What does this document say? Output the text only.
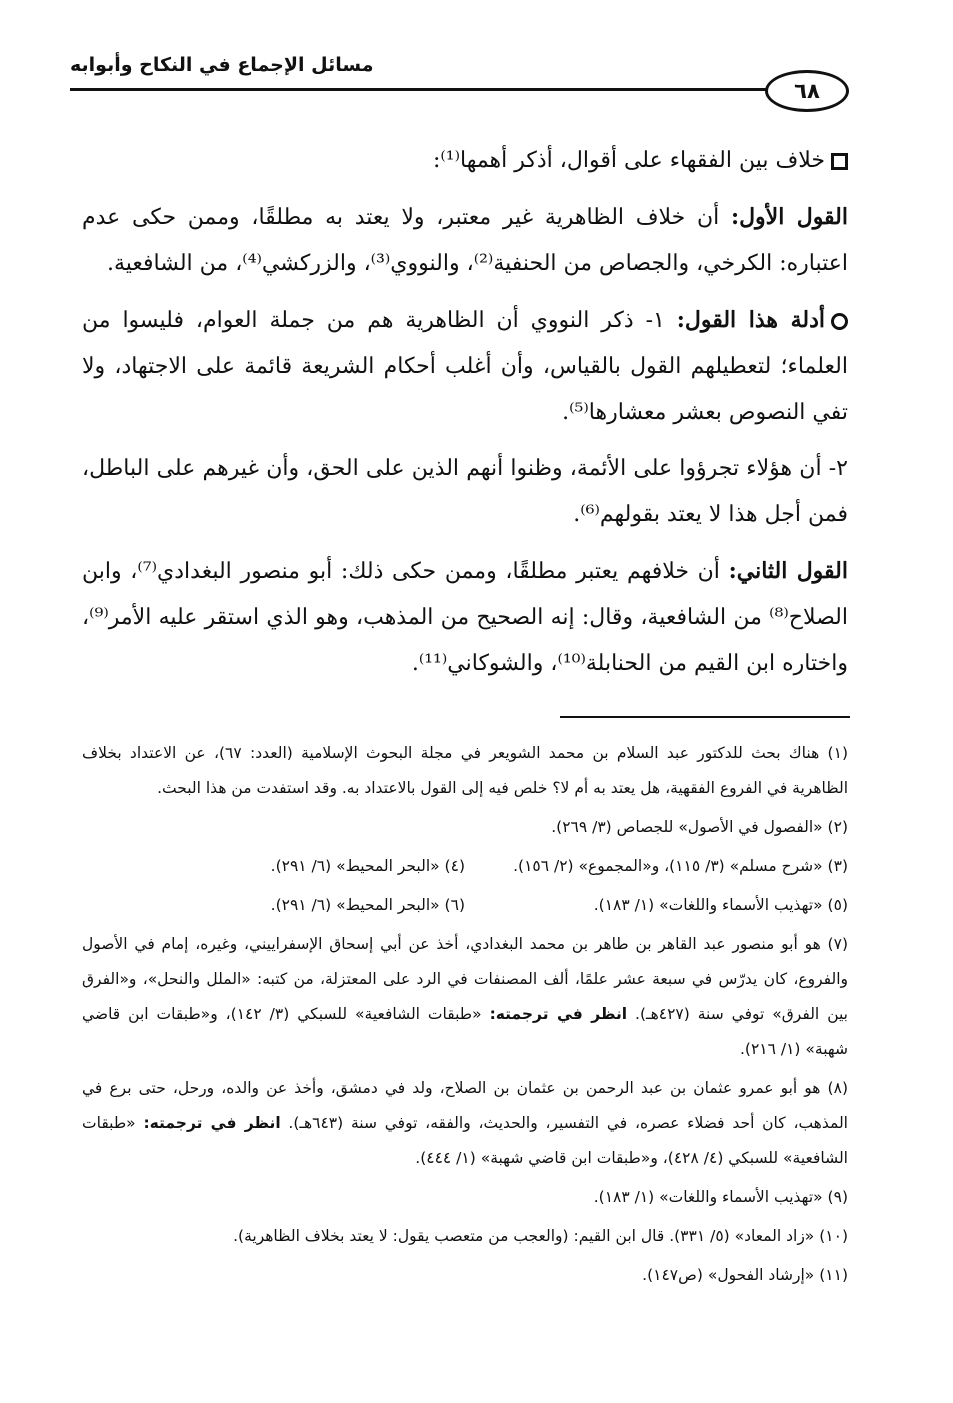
مسائل الإجماع في النكاح وأبوابه
٦٨

خلاف بين الفقهاء على أقوال، أذكر أهمها⁽¹⁾:

القول الأول: أن خلاف الظاهرية غير معتبر، ولا يعتد به مطلقًا، وممن حكى عدم اعتباره: الكرخي، والجصاص من الحنفية⁽²⁾، والنووي⁽³⁾، والزركشي⁽⁴⁾، من الشافعية.

أدلة هذا القول: ١- ذكر النووي أن الظاهرية هم من جملة العوام، فليسوا من العلماء؛ لتعطيلهم القول بالقياس، وأن أغلب أحكام الشريعة قائمة على الاجتهاد، ولا تفي النصوص بعشر معشارها⁽⁵⁾.

٢- أن هؤلاء تجرؤوا على الأئمة، وظنوا أنهم الذين على الحق، وأن غيرهم على الباطل، فمن أجل هذا لا يعتد بقولهم⁽⁶⁾.

القول الثاني: أن خلافهم يعتبر مطلقًا، وممن حكى ذلك: أبو منصور البغدادي⁽⁷⁾، وابن الصلاح⁽⁸⁾ من الشافعية، وقال: إنه الصحيح من المذهب، وهو الذي استقر عليه الأمر⁽⁹⁾، واختاره ابن القيم من الحنابلة⁽¹⁰⁾، والشوكاني⁽¹¹⁾.

(١) هناك بحث للدكتور عبد السلام بن محمد الشويعر في مجلة البحوث الإسلامية (العدد: ٦٧)، عن الاعتداد بخلاف الظاهرية في الفروع الفقهية، هل يعتد به أم لا؟ خلص فيه إلى القول بالاعتداد به. وقد استفدت من هذا البحث.

(٢) «الفصول في الأصول» للجصاص (٣/ ٢٦٩).

(٣) «شرح مسلم» (٣/ ١١٥)، و«المجموع» (٢/ ١٥٦).
(٤) «البحر المحيط» (٦/ ٢٩١).
(٥) «تهذيب الأسماء واللغات» (١/ ١٨٣).
(٦) «البحر المحيط» (٦/ ٢٩١).

(٧) هو أبو منصور عبد القاهر بن طاهر بن محمد البغدادي، أخذ عن أبي إسحاق الإسفراييني، وغيره، إمام في الأصول والفروع، كان يدرّس في سبعة عشر علمًا، ألف المصنفات في الرد على المعتزلة، من كتبه: «الملل والنحل»، و«الفرق بين الفرق» توفي سنة (٤٢٧هـ). انظر في ترجمته: «طبقات الشافعية» للسبكي (٣/ ١٤٢)، و«طبقات ابن قاضي شهبة» (١/ ٢١٦).

(٨) هو أبو عمرو عثمان بن عبد الرحمن بن عثمان بن الصلاح، ولد في دمشق، وأخذ عن والده، ورحل، حتى برع في المذهب، كان أحد فضلاء عصره، في التفسير، والحديث، والفقه، توفي سنة (٦٤٣هـ). انظر في ترجمته: «طبقات الشافعية» للسبكي (٤/ ٤٢٨)، و«طبقات ابن قاضي شهبة» (١/ ٤٤٤).

(٩) «تهذيب الأسماء واللغات» (١/ ١٨٣).

(١٠) «زاد المعاد» (٥/ ٣٣١). قال ابن القيم: (والعجب من متعصب يقول: لا يعتد بخلاف الظاهرية).

(١١) «إرشاد الفحول» (ص١٤٧).
